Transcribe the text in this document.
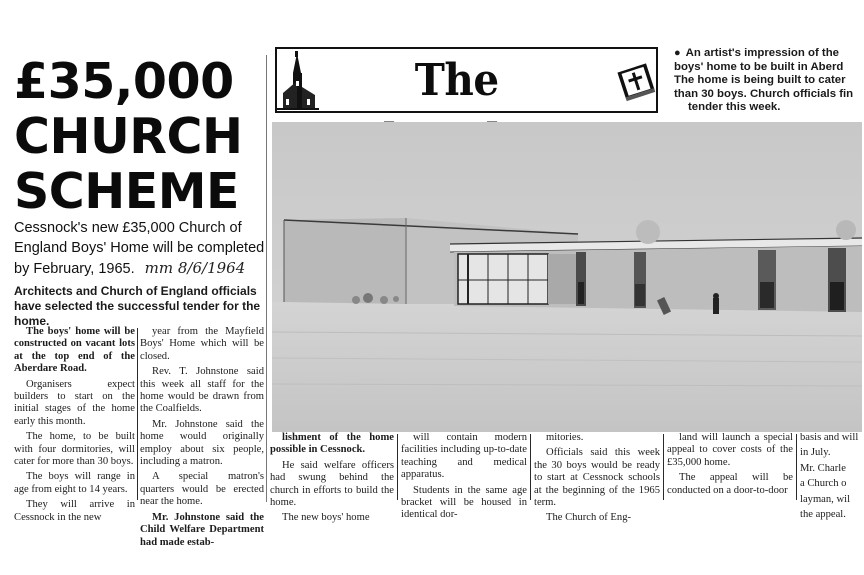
£35,000
CHURCH
SCHEME
Cessnock's new £35,000 Church of England Boys' Home will be completed by February, 1965. mm 8/6/1964
Architects and Church of England officials have selected the successful tender for the home.

The boys' home will be constructed on vacant lots at the top end of the Aberdare Road.

Organisers expect builders to start on the initial stages of the home early this month.

The home, to be built with four dormitories, will cater for more than 30 boys.

The boys will range in age from eight to 14 years.

They will arrive in Cessnock in the new

year from the Mayfield Boys' Home which will be closed.

Rev. T. Johnstone said this week all staff for the home would be drawn from the Coalfields.

Mr. Johnstone said the home would originally employ about six people, including a matron.

A special matron's quarters would be erected near the home.

Mr. Johnstone said the Child Welfare Department had made estab-

lishment of the home possible in Cessnock.

He said welfare officers had swung behind the church in efforts to build the home.

The new boys' home

will contain modern facilities including up-to-date teaching and medical apparatus.

Students in the same age bracket will be housed in identical dor-

mitories.

Officials said this week the 30 boys would be ready to start at Cessnock schools at the beginning of the 1965 term.

The Church of Eng-

land will launch a special appeal to cover costs of the £35,000 home.

The appeal will be conducted on a door-to-door

basis and will

in July.

Mr. Charle

a Church o

layman, wil

the appeal.

The
● An artist's impression of the
boys' home to be built in Aberd
The home is being built to cater
than 30 boys. Church officials fin
tender this week.
